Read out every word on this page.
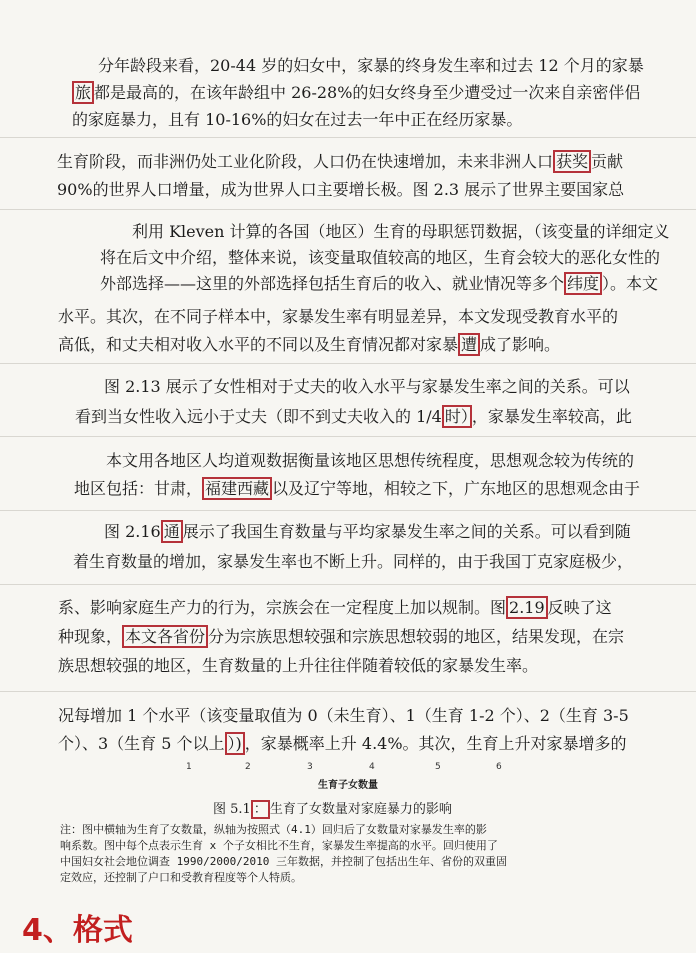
分年龄段来看，20-44 岁的妇女中，家暴的终身发生率和过去 12 个月的家暴
旅 都是最高的，在该年龄组中 26-28%的妇女终身至少遭受过一次来自亲密伴侣
的家庭暴力，且有 10-16%的妇女在过去一年中正在经历家暴。
生育阶段，而非洲仍处工业化阶段，人口仍在快速增加，未来非洲人口 获奖 贡献
90%的世界人口增量，成为世界人口主要增长极。图 2.3 展示了世界主要国家总
利用 Kleven 计算的各国（地区）生育的母职惩罚数据，（该变量的详细定义
将在后文中介绍，整体来说，该变量取值较高的地区，生育会较大的恶化女性的
外部选择——这里的外部选择包括生育后的收入、就业情况等多个 纬度 ）。本文
水平。其次，在不同子样本中，家暴发生率有明显差异，本文发现受教育水平的
高低，和丈夫相对收入水平的不同以及生育情况都对家暴 遭 成了影响。
图 2.13 展示了女性相对于丈夫的收入水平与家暴发生率之间的关系。可以
看到当女性收入远小于丈夫（即不到丈夫收入的 1/4 时） ，家暴发生率较高，此
本文用各地区人均道观数据衡量该地区思想传统程度，思想观念较为传统的
地区包括：甘肃， 福建西藏 以及辽宁等地，相较之下，广东地区的思想观念由于
图 2.16 通 展示了我国生育数量与平均家暴发生率之间的关系。可以看到随
着生育数量的增加，家暴发生率也不断上升。同样的，由于我国丁克家庭极少，
系、影响家庭生产力的行为，宗族会在一定程度上加以规制。图 2.19 反映了这
种现象， 本文各省份 分为宗族思想较强和宗族思想较弱的地区，结果发现，在宗
族思想较强的地区，生育数量的上升往往伴随着较低的家暴发生率。
况每增加 1 个水平（该变量取值为 0（未生育）、1（生育 1-2 个）、2（生育 3-5
个）、3（生育 5 个以上 ）) ，家暴概率上升 4.4%。其次，生育上升对家暴增多的
1	2	3	4	5	6
生育子女数量
图 5.1 ： 生育了女数量对家庭暴力的影响
注：图中横轴为生育了女数量，纵轴为按照式（4.1）回归后了女数量对家暴发生率的影
响系数。图中每个点表示生育 x 个子女相比不生育，家暴发生率提高的水平。回归使用了
中国妇女社会地位调查 1990/2000/2010 三年数据，并控制了包括出生年、省份的双重固
定效应，还控制了户口和受教育程度等个人特质。
4、格式
